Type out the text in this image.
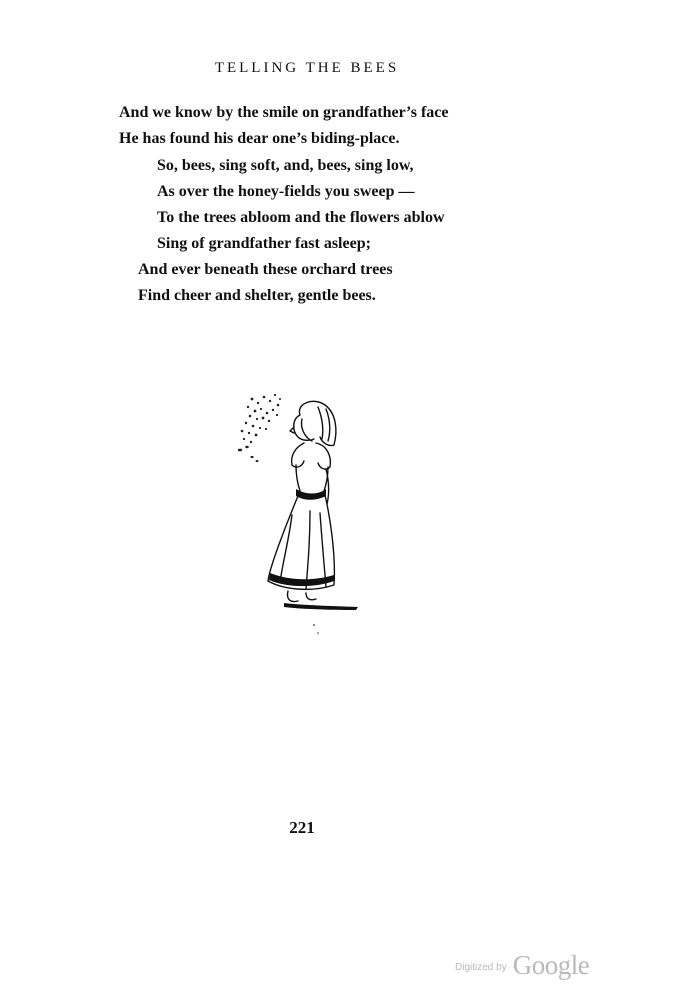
TELLING THE BEES
And we know by the smile on grandfather’s face
He has found his dear one’s biding-place.
So, bees, sing soft, and, bees, sing low,
As over the honey-fields you sweep —
To the trees abloom and the flowers ablow
Sing of grandfather fast asleep;
And ever beneath these orchard trees
Find cheer and shelter, gentle bees.
221
$^{Digitized by}$ Google
